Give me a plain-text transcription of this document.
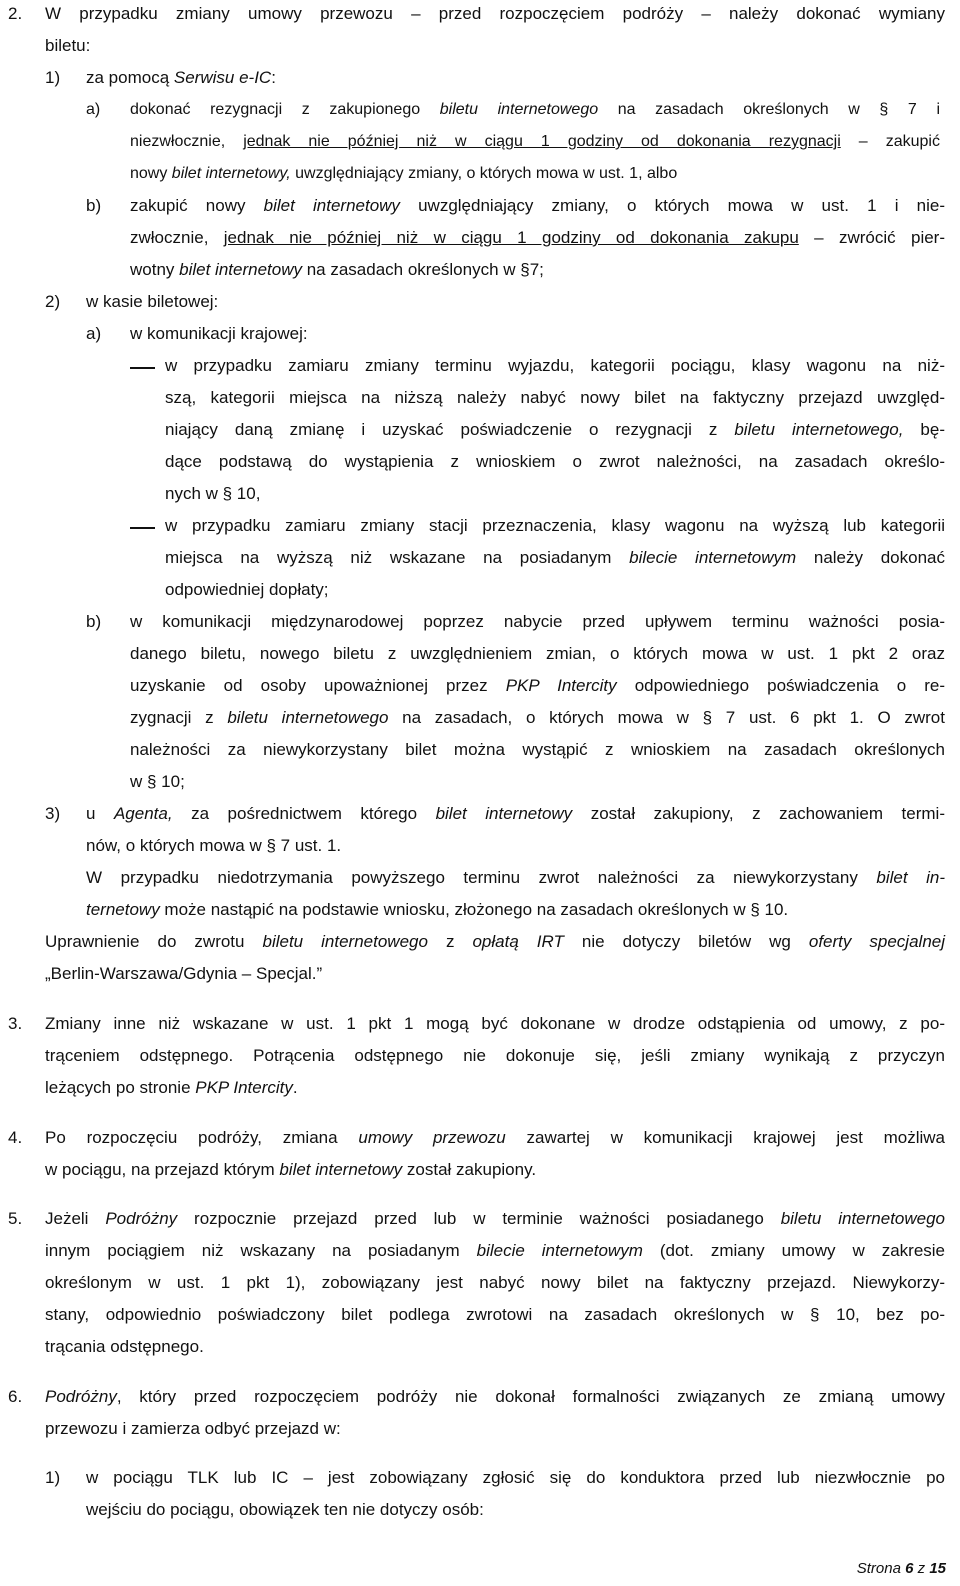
2. W przypadku zmiany umowy przewozu – przed rozpoczęciem podróży – należy dokonać wymiany
biletu:
1) za pomocą Serwisu e-IC:
a) dokonać rezygnacji z zakupionego biletu internetowego na zasadach określonych w § 7 i
niezwłocznie, jednak nie później niż w ciągu 1 godziny od dokonania rezygnacji – zakupić
nowy bilet internetowy, uwzględniający zmiany, o których mowa w ust. 1, albo
b) zakupić nowy bilet internetowy uwzględniający zmiany, o których mowa w ust. 1 i nie-
zwłocznie, jednak nie później niż w ciągu 1 godziny od dokonania zakupu – zwrócić pier-
wotny bilet internetowy na zasadach określonych w §7;
2) w kasie biletowej:
a) w komunikacji krajowej:
w przypadku zamiaru zmiany terminu wyjazdu, kategorii pociągu, klasy wagonu na niż-
szą, kategorii miejsca na niższą należy nabyć nowy bilet na faktyczny przejazd uwzględ-
niający daną zmianę i uzyskać poświadczenie o rezygnacji z biletu internetowego, bę-
dące podstawą do wystąpienia z wnioskiem o zwrot należności, na zasadach określo-
nych w § 10,
w przypadku zamiaru zmiany stacji przeznaczenia, klasy wagonu na wyższą lub kategorii
miejsca na wyższą niż wskazane na posiadanym bilecie internetowym należy dokonać
odpowiedniej dopłaty;
b) w komunikacji międzynarodowej poprzez nabycie przed upływem terminu ważności posia-
danego biletu, nowego biletu z uwzględnieniem zmian, o których mowa w ust. 1 pkt 2 oraz
uzyskanie od osoby upoważnionej przez PKP Intercity odpowiedniego poświadczenia o re-
zygnacji z biletu internetowego na zasadach, o których mowa w § 7 ust. 6 pkt 1. O zwrot
należności za niewykorzystany bilet można wystąpić z wnioskiem na zasadach określonych
w § 10;
3) u Agenta, za pośrednictwem którego bilet internetowy został zakupiony, z zachowaniem termi-
nów, o których mowa w § 7 ust. 1.
W przypadku niedotrzymania powyższego terminu zwrot należności za niewykorzystany bilet in-
ternetowy może nastąpić na podstawie wniosku, złożonego na zasadach określonych w § 10.
Uprawnienie do zwrotu biletu internetowego z opłatą IRT nie dotyczy biletów wg oferty specjalnej
„Berlin-Warszawa/Gdynia – Specjal.”
3. Zmiany inne niż wskazane w ust. 1 pkt 1 mogą być dokonane w drodze odstąpienia od umowy, z po-
trąceniem odstępnego. Potrącenia odstępnego nie dokonuje się, jeśli zmiany wynikają z przyczyn
leżących po stronie PKP Intercity.
4. Po rozpoczęciu podróży, zmiana umowy przewozu zawartej w komunikacji krajowej jest możliwa
w pociągu, na przejazd którym bilet internetowy został zakupiony.
5. Jeżeli Podróżny rozpocznie przejazd przed lub w terminie ważności posiadanego biletu internetowego
innym pociągiem niż wskazany na posiadanym bilecie internetowym (dot. zmiany umowy w zakresie
określonym w ust. 1 pkt 1), zobowiązany jest nabyć nowy bilet na faktyczny przejazd. Niewykorzy-
stany, odpowiednio poświadczony bilet podlega zwrotowi na zasadach określonych w § 10, bez po-
trącania odstępnego.
6. Podróżny, który przed rozpoczęciem podróży nie dokonał formalności związanych ze zmianą umowy
przewozu i zamierza odbyć przejazd w:
1) w pociągu TLK lub IC – jest zobowiązany zgłosić się do konduktora przed lub niezwłocznie po
wejściu do pociągu, obowiązek ten nie dotyczy osób:
Strona 6 z 15
